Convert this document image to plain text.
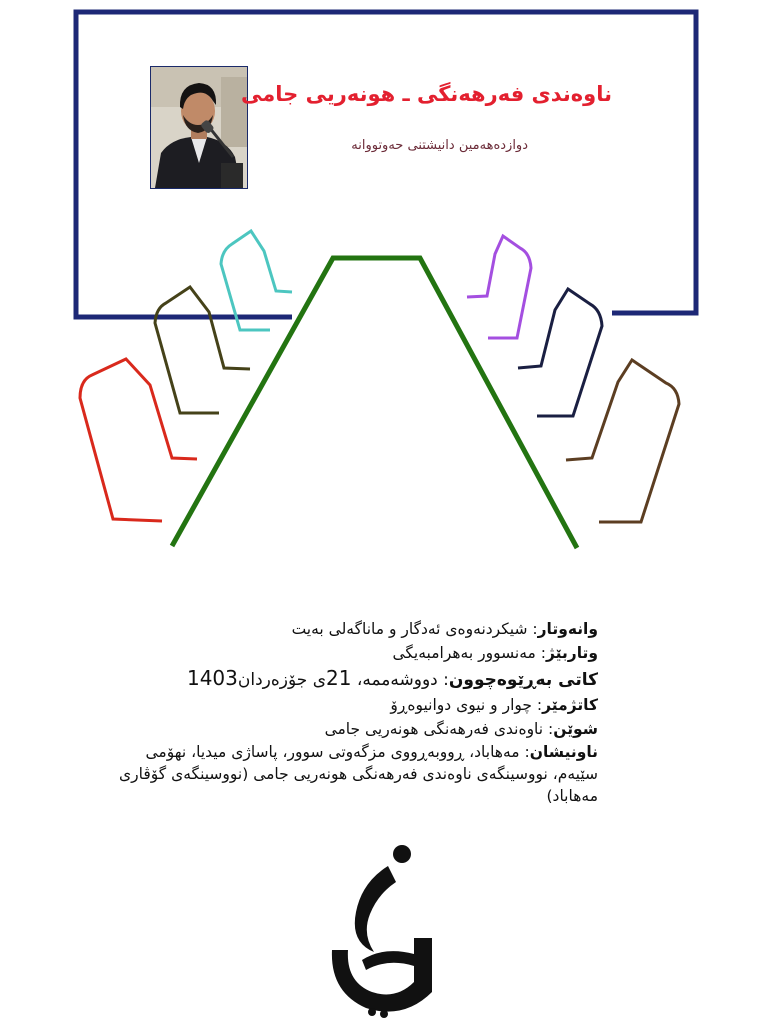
ناوەندی فەرهەنگی ـ هونەریی جامی
دوازدەهەمین دانیشتنی حەوتووانە
وانەوتار: شیکردنەوەی ئەدگار و ماناگەلی بەیت
وتاربێژ: مەنسوور بەهرامبەیگی
کاتی بەڕێوەچوون: دووشەممە، 21ی جۆزەردان1403
کاتژمێر: چوار و نیوی دوانیوەڕۆ
شوێن: ناوەندی فەرهەنگی هونەریی جامی
ناونیشان: مەهاباد، ڕووبەڕووی مزگەوتی سوور، پاساژی میدیا، نهۆمی سێیەم، نووسینگەی ناوەندی فەرهەنگی هونەریی جامی (نووسینگەی گۆڤاری مەهاباد)
